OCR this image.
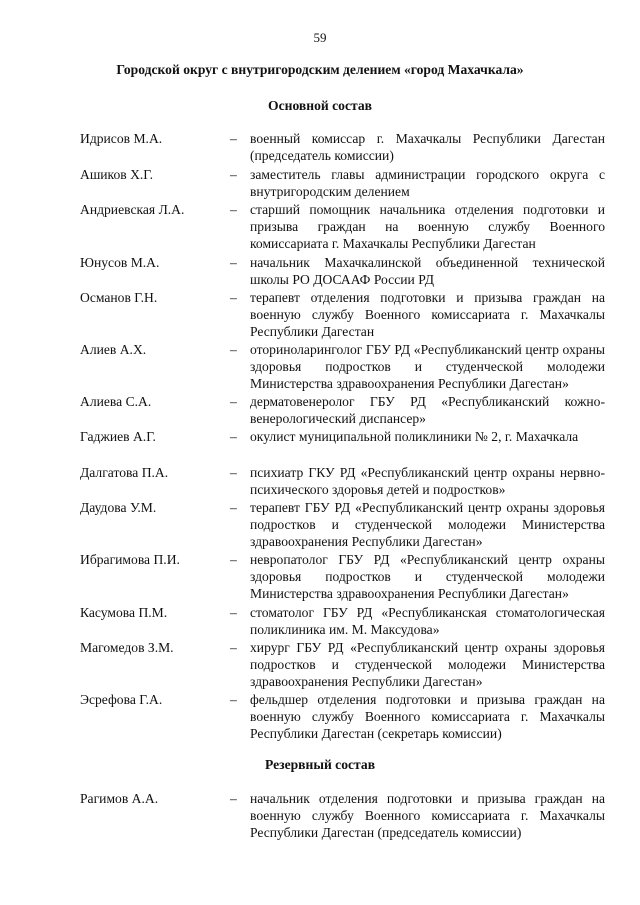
59
Городской округ с внутригородским делением «город Махачкала»
Основной состав
Идрисов М.А.	– военный комиссар г. Махачкалы Республики Дагестан (председатель комиссии)
Ашиков Х.Г.	– заместитель главы администрации городского округа с внутригородским делением
Андриевская Л.А.	– старший помощник начальника отделения подготовки и призыва граждан на военную службу Военного комиссариата г. Махачкалы Республики Дагестан
Юнусов М.А.	– начальник Махачкалинской объединенной технической школы РО ДОСААФ России РД
Османов Г.Н.	– терапевт отделения подготовки и призыва граждан на военную службу Военного комиссариата г. Махачкалы Республики Дагестан
Алиев А.Х.	– оториноларинголог ГБУ РД «Республиканский центр охраны здоровья подростков и студенческой молодежи Министерства здравоохранения Республики Дагестан»
Алиева С.А.	– дерматовенеролог ГБУ РД «Республиканский кожно-венерологический диспансер»
Гаджиев А.Г.	– окулист муниципальной поликлиники № 2, г. Махачкала
Далгатова П.А.	– психиатр ГКУ РД «Республиканский центр охраны нервно-психического здоровья детей и подростков»
Даудова У.М.	– терапевт ГБУ РД «Республиканский центр охраны здоровья подростков и студенческой молодежи Министерства здравоохранения Республики Дагестан»
Ибрагимова П.И.	– невропатолог ГБУ РД «Республиканский центр охраны здоровья подростков и студенческой молодежи Министерства здравоохранения Республики Дагестан»
Касумова П.М.	– стоматолог ГБУ РД «Республиканская стоматологическая поликлиника им. М. Максудова»
Магомедов З.М.	– хирург ГБУ РД «Республиканский центр охраны здоровья подростков и студенческой молодежи Министерства здравоохранения Республики Дагестан»
Эсрефова Г.А.	– фельдшер отделения подготовки и призыва граждан на военную службу Военного комиссариата г. Махачкалы Республики Дагестан (секретарь комиссии)
Резервный состав
Рагимов А.А.	– начальник отделения подготовки и призыва граждан на военную службу Военного комиссариата г. Махачкалы Республики Дагестан (председатель комиссии)
